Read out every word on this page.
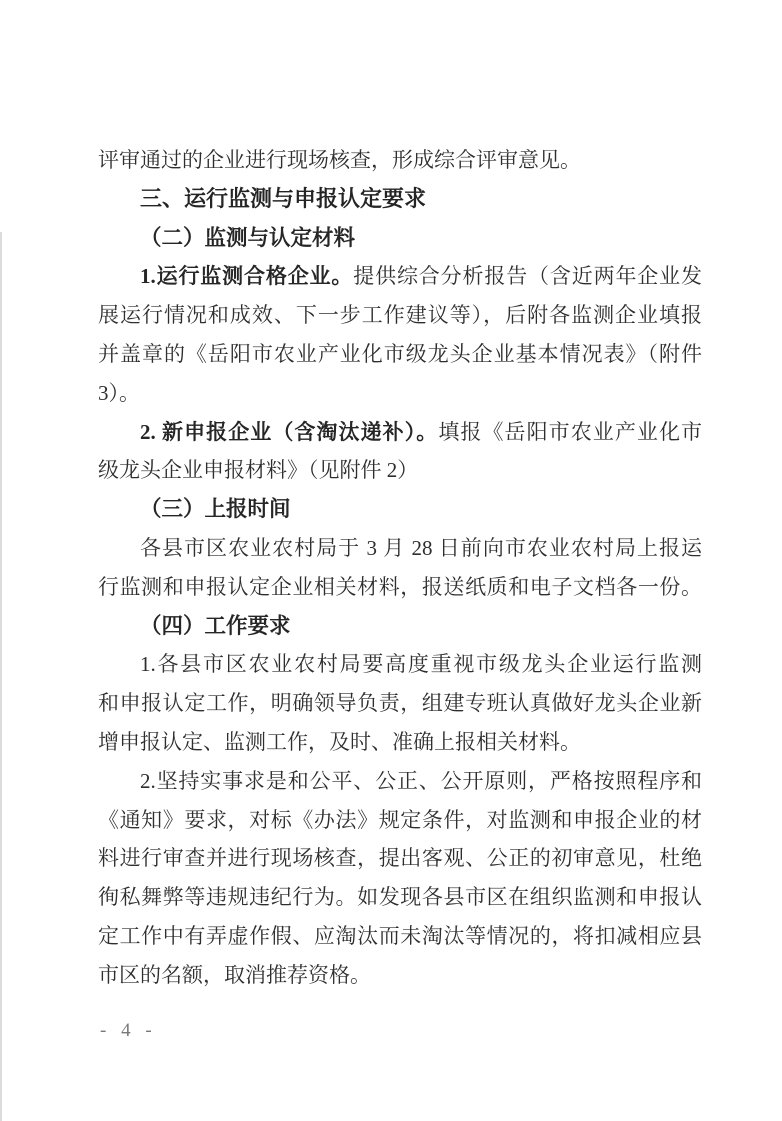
评审通过的企业进行现场核查，形成综合评审意见。
三、运行监测与申报认定要求
（二）监测与认定材料
1.运行监测合格企业。提供综合分析报告（含近两年企业发
展运行情况和成效、下一步工作建议等），后附各监测企业填报
并盖章的《岳阳市农业产业化市级龙头企业基本情况表》（附件
3）。
2. 新申报企业（含淘汰递补）。填报《岳阳市农业产业化市
级龙头企业申报材料》（见附件 2）
（三）上报时间
各县市区农业农村局于 3 月 28 日前向市农业农村局上报运
行监测和申报认定企业相关材料，报送纸质和电子文档各一份。
（四）工作要求
1.各县市区农业农村局要高度重视市级龙头企业运行监测
和申报认定工作，明确领导负责，组建专班认真做好龙头企业新
增申报认定、监测工作，及时、准确上报相关材料。
2.坚持实事求是和公平、公正、公开原则，严格按照程序和
《通知》要求，对标《办法》规定条件，对监测和申报企业的材
料进行审查并进行现场核查，提出客观、公正的初审意见，杜绝
徇私舞弊等违规违纪行为。如发现各县市区在组织监测和申报认
定工作中有弄虚作假、应淘汰而未淘汰等情况的，将扣减相应县
市区的名额，取消推荐资格。
- 4 -
